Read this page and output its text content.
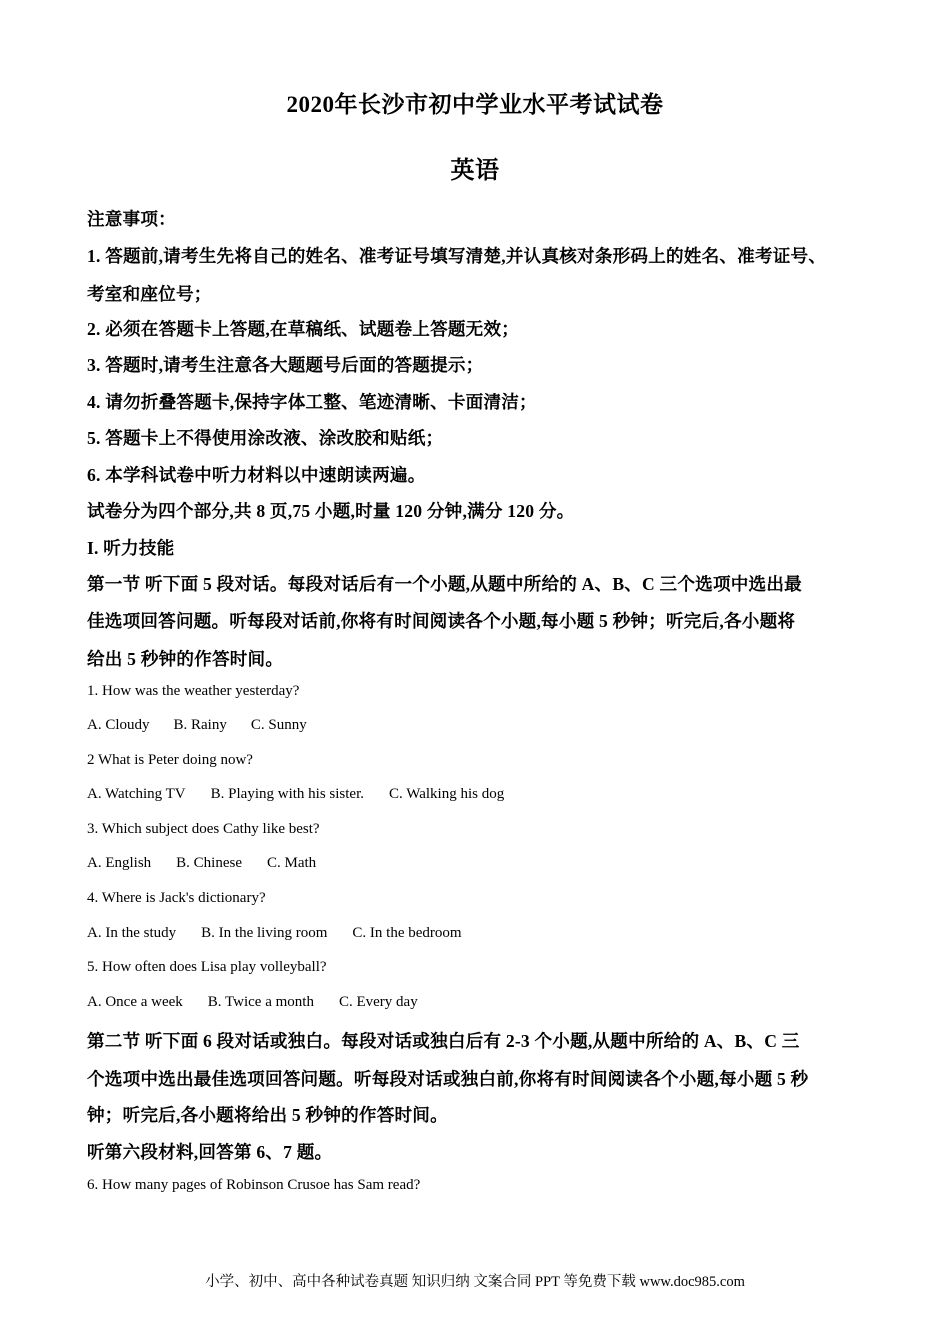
2020年长沙市初中学业水平考试试卷
英语
注意事项：
1. 答题前,请考生先将自己的姓名、准考证号填写清楚,并认真核对条形码上的姓名、准考证号、
考室和座位号；
2. 必须在答题卡上答题,在草稿纸、试题卷上答题无效；
3. 答题时,请考生注意各大题题号后面的答题提示；
4. 请勿折叠答题卡,保持字体工整、笔迹清晰、卡面清洁；
5. 答题卡上不得使用涂改液、涂改胶和贴纸；
6. 本学科试卷中听力材料以中速朗读两遍。
试卷分为四个部分,共 8 页,75 小题,时量 120 分钟,满分 120 分。
I. 听力技能
第一节 听下面 5 段对话。每段对话后有一个小题,从题中所给的 A、B、C 三个选项中选出最
佳选项回答问题。听每段对话前,你将有时间阅读各个小题,每小题 5 秒钟；听完后,各小题将
给出 5 秒钟的作答时间。
1. How was the weather yesterday?
A. Cloudy B. Rainy C. Sunny
2 What is Peter doing now?
A. Watching TV B. Playing with his sister. C. Walking his dog
3. Which subject does Cathy like best?
A. English B. Chinese C. Math
4. Where is Jack's dictionary?
A. In the study B. In the living room C. In the bedroom
5. How often does Lisa play volleyball?
A. Once a week B. Twice a month C. Every day
第二节 听下面 6 段对话或独白。每段对话或独白后有 2-3 个小题,从题中所给的 A、B、C 三
个选项中选出最佳选项回答问题。听每段对话或独白前,你将有时间阅读各个小题,每小题 5 秒
钟；听完后,各小题将给出 5 秒钟的作答时间。
听第六段材料,回答第 6、7 题。
6. How many pages of Robinson Crusoe has Sam read?
小学、初中、高中各种试卷真题 知识归纳 文案合同 PPT 等免费下载 www.doc985.com
